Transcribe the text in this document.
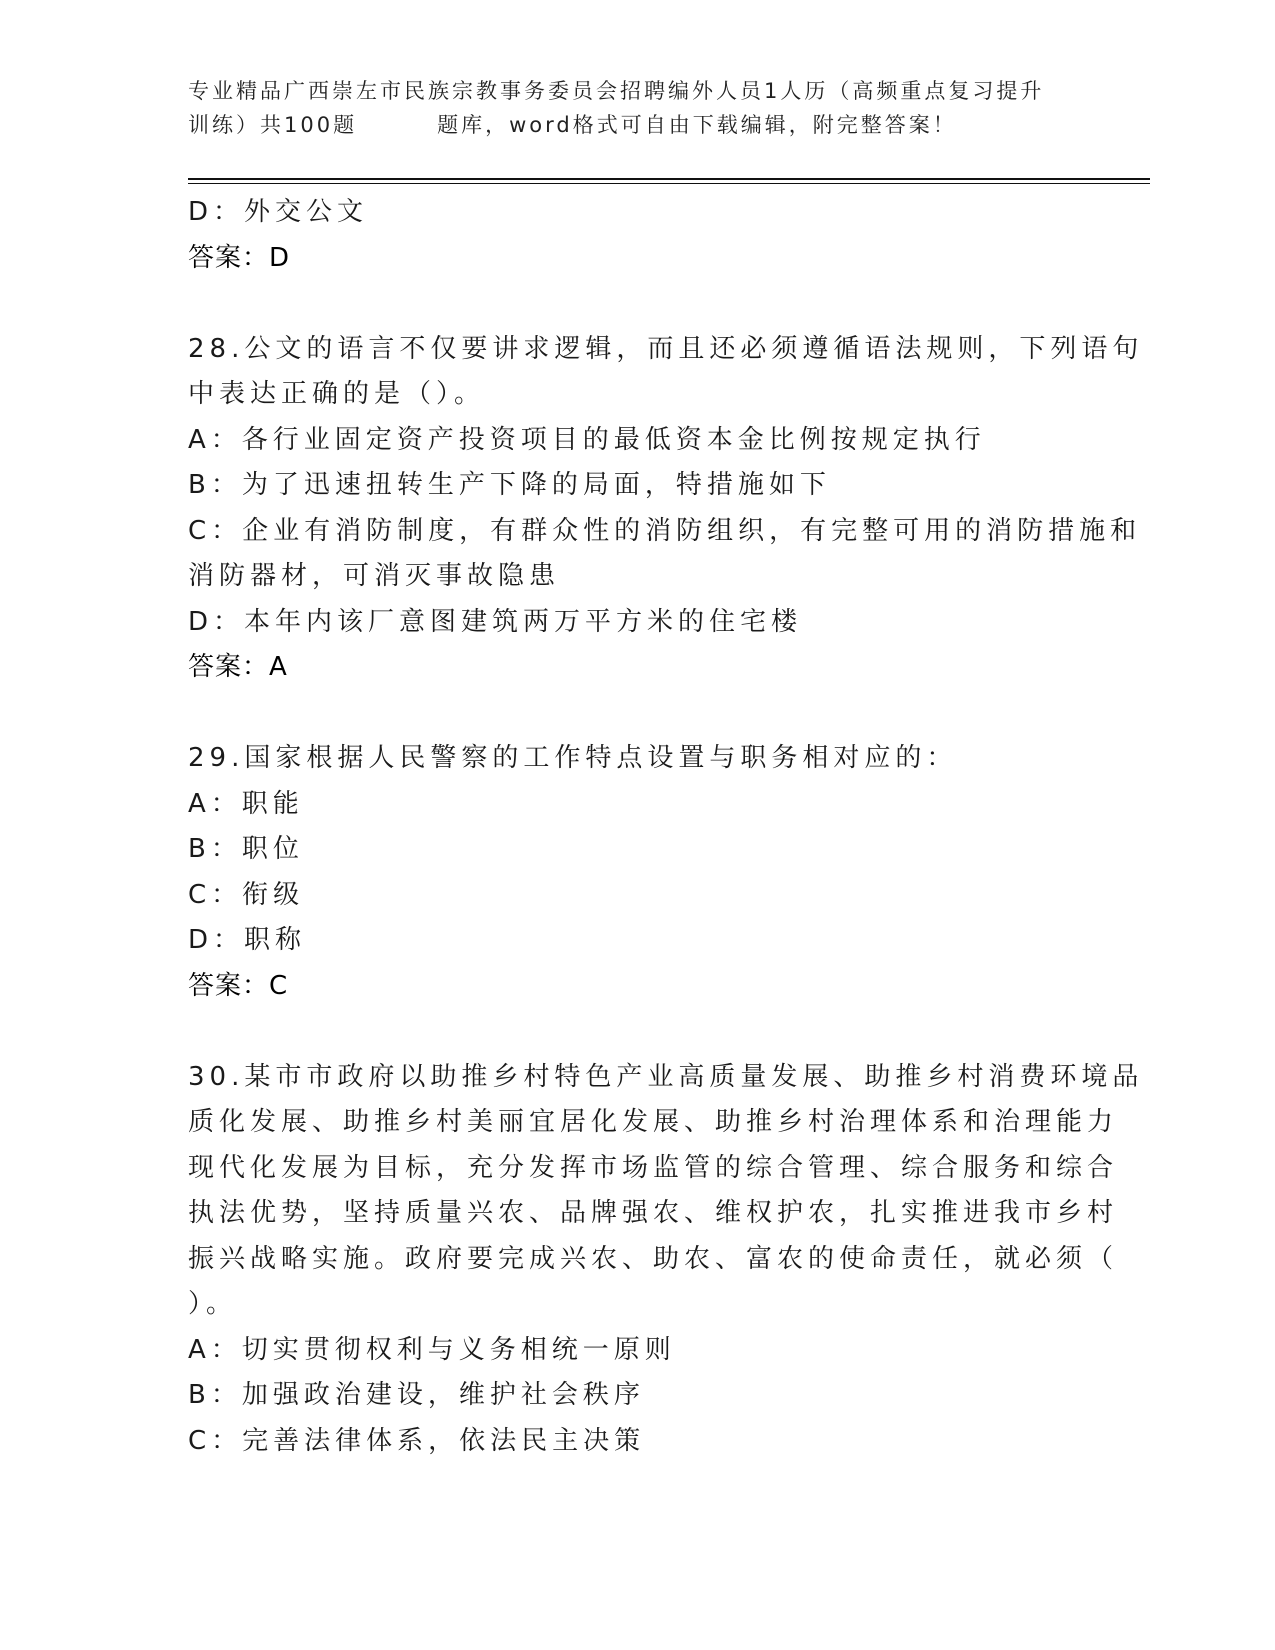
专业精品广西崇左市民族宗教事务委员会招聘编外人员1人历（高频重点复习提升
训练）共100题	题库，word格式可自由下载编辑，附完整答案！
D：外交公文
答案：D
28.公文的语言不仅要讲求逻辑，而且还必须遵循语法规则，下列语句
中表达正确的是（）。
A：各行业固定资产投资项目的最低资本金比例按规定执行
B：为了迅速扭转生产下降的局面，特措施如下
C：企业有消防制度，有群众性的消防组织，有完整可用的消防措施和
消防器材，可消灭事故隐患
D：本年内该厂意图建筑两万平方米的住宅楼
答案：A
29.国家根据人民警察的工作特点设置与职务相对应的：
A：职能
B：职位
C：衔级
D：职称
答案：C
30.某市市政府以助推乡村特色产业高质量发展、助推乡村消费环境品
质化发展、助推乡村美丽宜居化发展、助推乡村治理体系和治理能力
现代化发展为目标，充分发挥市场监管的综合管理、综合服务和综合
执法优势，坚持质量兴农、品牌强农、维权护农，扎实推进我市乡村
振兴战略实施。政府要完成兴农、助农、富农的使命责任，就必须（
）。
A：切实贯彻权利与义务相统一原则
B：加强政治建设，维护社会秩序
C：完善法律体系，依法民主决策
